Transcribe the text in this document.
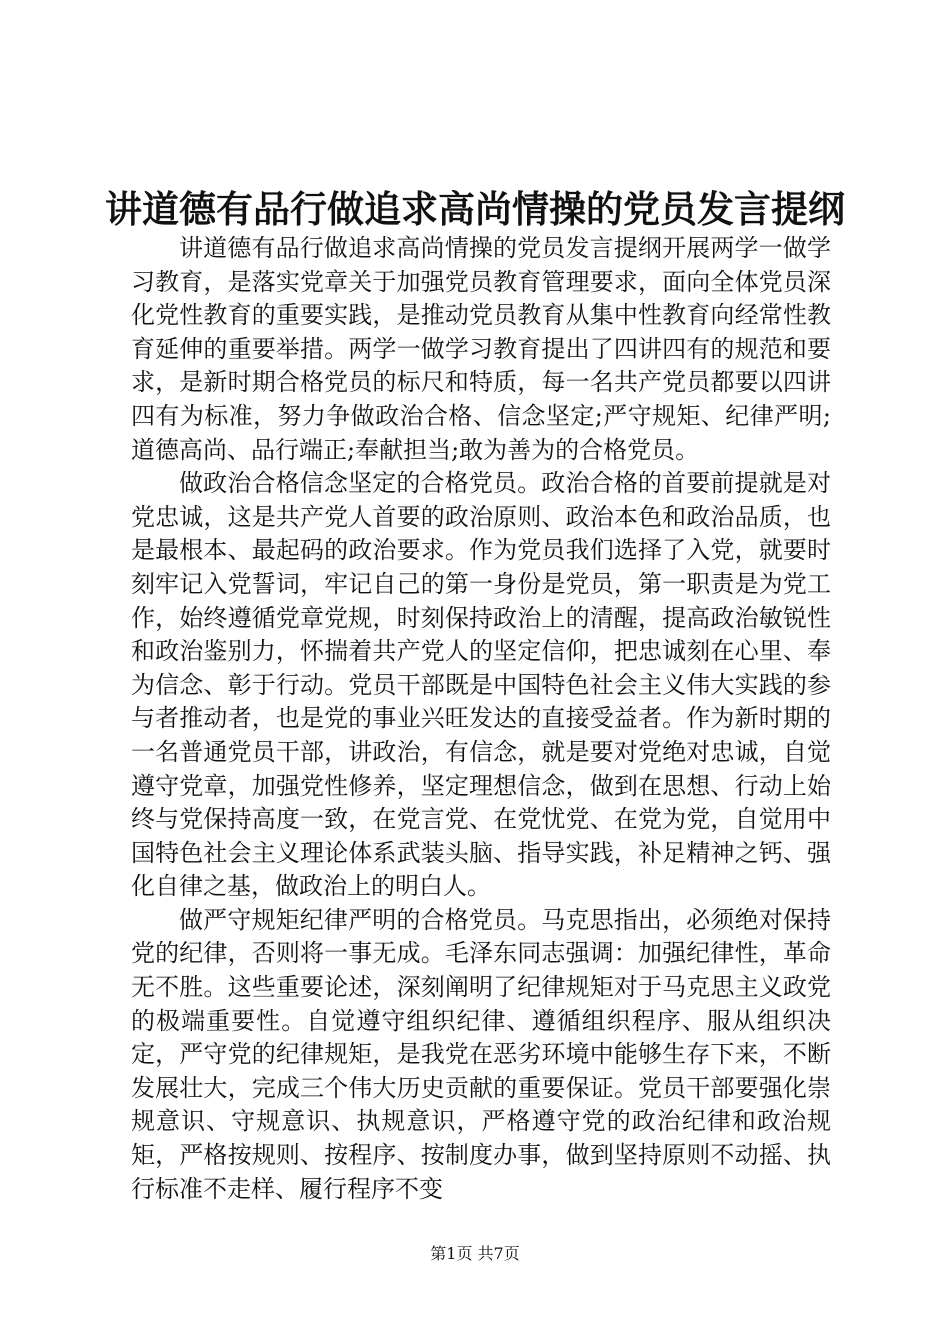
讲道德有品行做追求高尚情操的党员发言提纲

讲道德有品行做追求高尚情操的党员发言提纲开展两学一做学习教育，是落实党章关于加强党员教育管理要求，面向全体党员深化党性教育的重要实践，是推动党员教育从集中性教育向经常性教育延伸的重要举措。两学一做学习教育提出了四讲四有的规范和要求，是新时期合格党员的标尺和特质，每一名共产党员都要以四讲四有为标准，努力争做政治合格、信念坚定;严守规矩、纪律严明;道德高尚、品行端正;奉献担当;敢为善为的合格党员。

做政治合格信念坚定的合格党员。政治合格的首要前提就是对党忠诚，这是共产党人首要的政治原则、政治本色和政治品质，也是最根本、最起码的政治要求。作为党员我们选择了入党，就要时刻牢记入党誓词，牢记自己的第一身份是党员，第一职责是为党工作，始终遵循党章党规，时刻保持政治上的清醒，提高政治敏锐性和政治鉴别力，怀揣着共产党人的坚定信仰，把忠诚刻在心里、奉为信念、彰于行动。党员干部既是中国特色社会主义伟大实践的参与者推动者，也是党的事业兴旺发达的直接受益者。作为新时期的一名普通党员干部，讲政治，有信念，就是要对党绝对忠诚，自觉遵守党章，加强党性修养，坚定理想信念，做到在思想、行动上始终与党保持高度一致，在党言党、在党忧党、在党为党，自觉用中国特色社会主义理论体系武装头脑、指导实践，补足精神之钙、强化自律之基，做政治上的明白人。

做严守规矩纪律严明的合格党员。马克思指出，必须绝对保持党的纪律，否则将一事无成。毛泽东同志强调：加强纪律性，革命无不胜。这些重要论述，深刻阐明了纪律规矩对于马克思主义政党的极端重要性。自觉遵守组织纪律、遵循组织程序、服从组织决定，严守党的纪律规矩，是我党在恶劣环境中能够生存下来，不断发展壮大，完成三个伟大历史贡献的重要保证。党员干部要强化崇规意识、守规意识、执规意识，严格遵守党的政治纪律和政治规矩，严格按规则、按程序、按制度办事，做到坚持原则不动摇、执行标准不走样、履行程序不变

第1页 共7页
